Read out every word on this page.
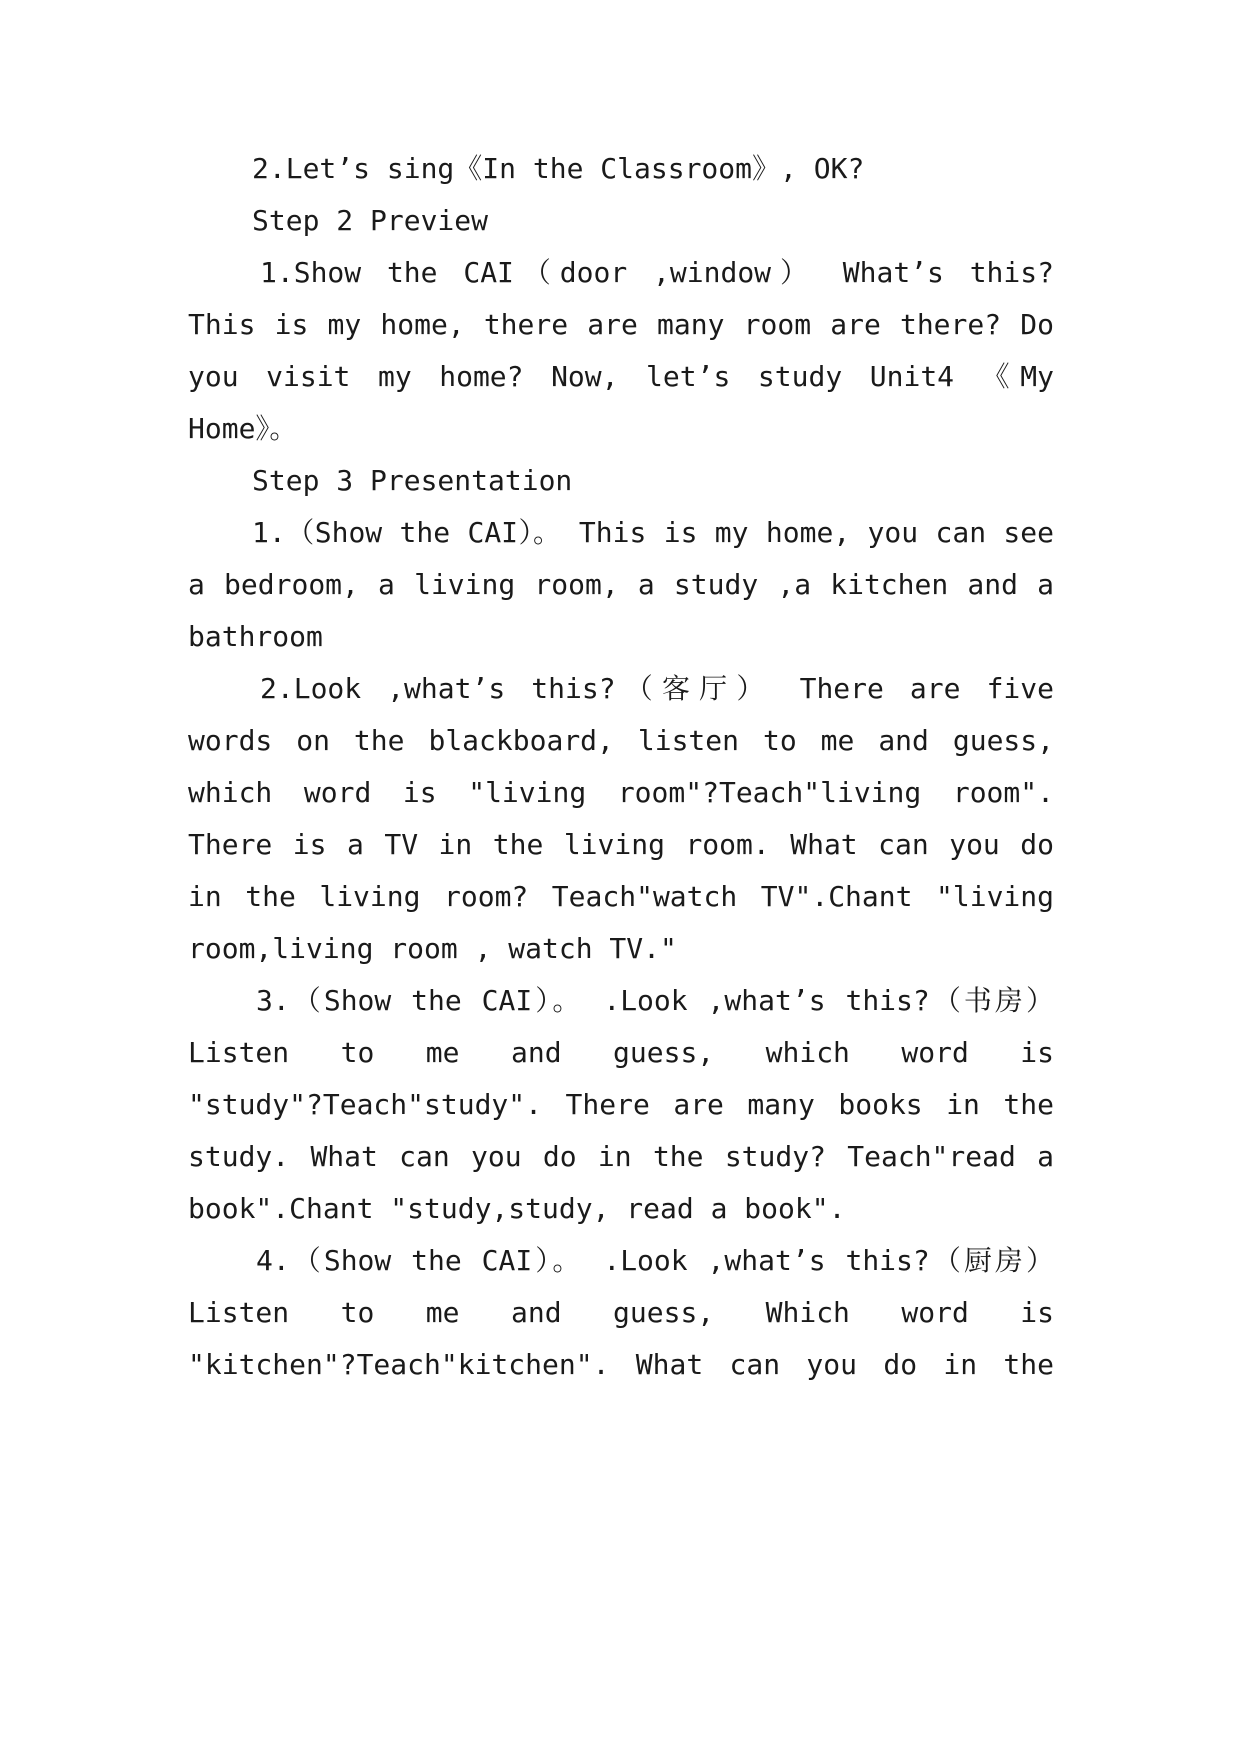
2.Let’s sing《In the Classroom》, OK?
Step 2 Preview
1.Show the CAI（door ,window） What’s this?
This is my home, there are many room are there? Do
you visit my home? Now, let’s study Unit4 《My
Home》。
Step 3 Presentation
1.（Show the CAI）。 This is my home, you can see
a bedroom, a living room, a study ,a kitchen and a
bathroom
2.Look ,what’s this?（客厅） There are five
words on the blackboard, listen to me and guess,
which word is "living room"?Teach"living room".
There is a TV in the living room. What can you do
in the living room? Teach"watch TV".Chant "living
room,living room , watch TV."
3.（Show the CAI）。 .Look ,what’s this?（书房）
Listen to me and guess, which word is
"study"?Teach"study". There are many books in the
study. What can you do in the study? Teach"read a
book".Chant "study,study, read a book".
4.（Show the CAI）。 .Look ,what’s this?（厨房）
Listen to me and guess, Which word is
"kitchen"?Teach"kitchen". What can you do in the
